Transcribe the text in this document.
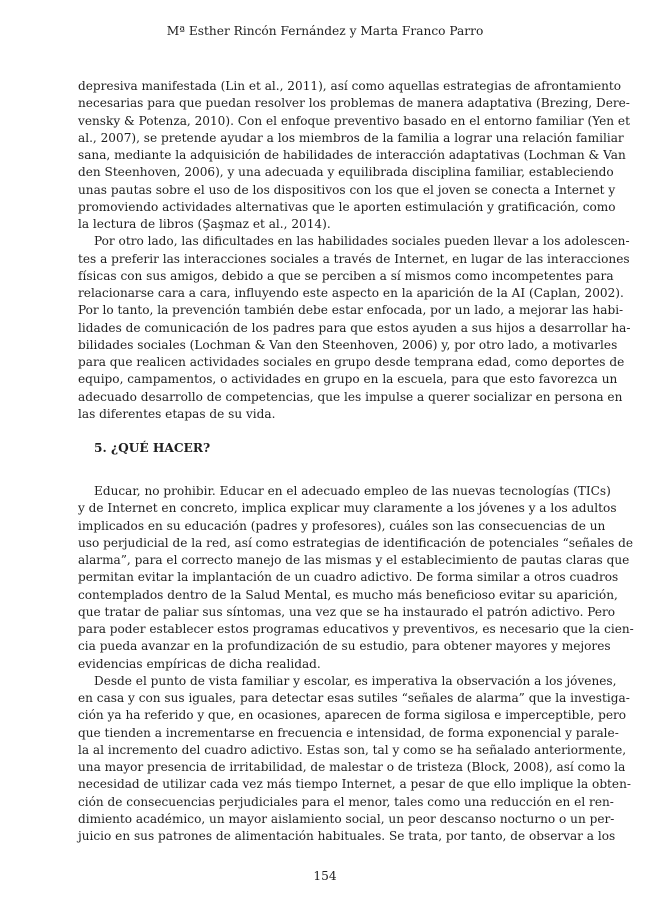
Mª Esther Rincón Fernández y Marta Franco Parro
depresiva manifestada (Lin et al., 2011), así como aquellas estrategias de afrontamiento
necesarias para que puedan resolver los problemas de manera adaptativa (Brezing, Dere-
vensky & Potenza, 2010). Con el enfoque preventivo basado en el entorno familiar (Yen et
al., 2007), se pretende ayudar a los miembros de la familia a lograr una relación familiar
sana, mediante la adquisición de habilidades de interacción adaptativas (Lochman & Van
den Steenhoven, 2006), y una adecuada y equilibrada disciplina familiar, estableciendo
unas pautas sobre el uso de los dispositivos con los que el joven se conecta a Internet y
promoviendo actividades alternativas que le aporten estimulación y gratificación, como
la lectura de libros (Şaşmaz et al., 2014).
Por otro lado, las dificultades en las habilidades sociales pueden llevar a los adolescen-
tes a preferir las interacciones sociales a través de Internet, en lugar de las interacciones
físicas con sus amigos, debido a que se perciben a sí mismos como incompetentes para
relacionarse cara a cara, influyendo este aspecto en la aparición de la AI (Caplan, 2002).
Por lo tanto, la prevención también debe estar enfocada, por un lado, a mejorar las habi-
lidades de comunicación de los padres para que estos ayuden a sus hijos a desarrollar ha-
bilidades sociales (Lochman & Van den Steenhoven, 2006) y, por otro lado, a motivarles
para que realicen actividades sociales en grupo desde temprana edad, como deportes de
equipo, campamentos, o actividades en grupo en la escuela, para que esto favorezca un
adecuado desarrollo de competencias, que les impulse a querer socializar en persona en
las diferentes etapas de su vida.
5. ¿QUÉ HACER?
Educar, no prohibir. Educar en el adecuado empleo de las nuevas tecnologías (TICs)
y de Internet en concreto, implica explicar muy claramente a los jóvenes y a los adultos
implicados en su educación (padres y profesores), cuáles son las consecuencias de un
uso perjudicial de la red, así como estrategias de identificación de potenciales “señales de
alarma”, para el correcto manejo de las mismas y el establecimiento de pautas claras que
permitan evitar la implantación de un cuadro adictivo. De forma similar a otros cuadros
contemplados dentro de la Salud Mental, es mucho más beneficioso evitar su aparición,
que tratar de paliar sus síntomas, una vez que se ha instaurado el patrón adictivo. Pero
para poder establecer estos programas educativos y preventivos, es necesario que la cien-
cia pueda avanzar en la profundización de su estudio, para obtener mayores y mejores
evidencias empíricas de dicha realidad.
Desde el punto de vista familiar y escolar, es imperativa la observación a los jóvenes,
en casa y con sus iguales, para detectar esas sutiles “señales de alarma” que la investiga-
ción ya ha referido y que, en ocasiones, aparecen de forma sigilosa e imperceptible, pero
que tienden a incrementarse en frecuencia e intensidad, de forma exponencial y parale-
la al incremento del cuadro adictivo. Estas son, tal y como se ha señalado anteriormente,
una mayor presencia de irritabilidad, de malestar o de tristeza (Block, 2008), así como la
necesidad de utilizar cada vez más tiempo Internet, a pesar de que ello implique la obten-
ción de consecuencias perjudiciales para el menor, tales como una reducción en el ren-
dimiento académico, un mayor aislamiento social, un peor descanso nocturno o un per-
juicio en sus patrones de alimentación habituales. Se trata, por tanto, de observar a los
154
